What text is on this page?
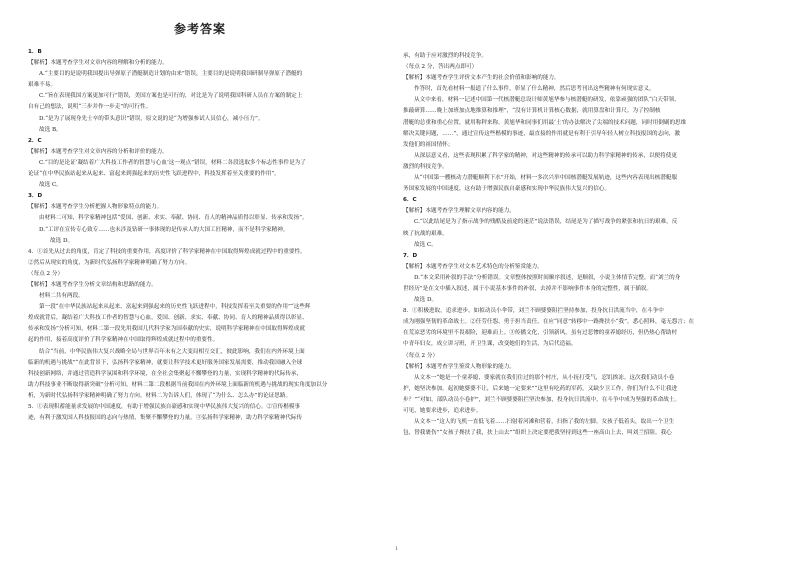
参考答案
1．B
【解析】本题考查学生对文章内容的理解和分析的能力。
A.“主要目的是说明我国提出导弹原子潜艇制造计划的由来”错误，主要目的是说明我国研制导弹原子潜艇的
艰难不易。
C.“旨在表现我国方案更加可行”错误，美国方案也是可行的，对比是为了说明我国科研人员在方案的制定上
自有己的想法，说明“三步并作一步走”的可行性。
D.“是为了展现身先士卒的带头意识”错误，原文说的是“为增强参试人员信心，减小压力”。
故选 B。
2．C
【解析】本题考查学生对文章内容的分析和评价的能力。
C.“目的是论证‘凝结着广大科技工作者的智慧与心血’这一观点”错误，材料二各段选取多个标志性事件是为了
论证“在中华民族站起来从起来、富起来到强起来的历史性飞跃进程中，科技发挥着至关重要的作用”。
故选 C。
3．D
【解析】本题考查学生分析把握人物形象特点的能力。
由材料二可知，科学家精神包括“爱国、创新、求实、奉献、协同、育人的精神品质得以彰显、传承和发扬”。
D.“工评在宣传专心致专……也未涉及钻研一事体现的是传承人的大国工匠精神，而不是科学家精神。
故选 D。
4．①首先从过去的角度，肯定了科技的重要作用，高度评价了科学家精神在中国取得辉煌成就过程中的重要性。
②然后从现实的角度，为新时代弘扬科学家精神明确了努力方向。
（每点 2 分）
【解析】本题考查学生分析文章结构和思路的能力。
材料二共有两段。
第一段“在中华民族站起来从起来、富起来到强起来的历史性飞跃进程中，科技发挥着至关重要的作用”“这些辉
煌成就背后，凝结着广大科技工作者的智慧与心血，爱国、创新、求实、奉献、协同、育人的精神品质得以彰显、
传承和发扬”分析可知，材料二第一段先用我国几代科学家为国奉献的史实，说明科学家精神在中国取得辉煌成就
起的作用，接着高度评价了科学家精神在中国取得辉煌成就过程中的重要性。
结合“当前，中华民族伟大复兴战略全局与世界百年未有之大变局相互交汇，彼此影响，我们在内外环境上面
临新的机遇与挑战”“在此背景下，弘扬科学家精神，就要让科学技术更好服务国家发展需要，推动我国融入全球
科技创新网络，并通过营造科学氛围和科学环境，在全社会集聚起不懈攀登的力量，实现科学精神的代际传承，
助力科技事业不断取得新突破”分析可知，材料二第二段根据当前我国在内外环境上面临新的机遇与挑战的现实角度加以分
析，为新时代弘扬科学家精神明确了努力方向。材料二为告诉人们，体现了“为什么、怎么办”的论证思路。
5．①表现积蓄能量求发展的中国速度，有助于增强民族自豪感和实现中华民族伟大复兴的信心。②宣传楷模事
迹，有利于激发国人科技报国的志向与热情，集聚不懈攀登的力量。③弘扬科学家精神，助力科学家精神代际传
承，有助于应对激烈的科技竞争。
（每点 2 分，答出两点即可）
【解析】本题考查学生评价文本产生的社会价值和影响的能力。
作答时，首先看材料一报道了什么事件，彰显了什么精神，然后思考刊出这些精神有何现实意义。
从文中来看，材料一记述中国第一代核潜艇总设计师黄旭华参与核潜艇的研发，依靠顽强的团队“白天带领、
推敲研算……晚上加班加点地推算和推理”，“没有计算机计算核心数据，就用算盘和计算尺。为了控制核
潜艇的总重和重心位置，就用称秤来称。黄旭华和同事们用最‘土’的办法解决了尖端的技术问题，同时用倒刷的思维
解决关键问题，……”，通过宣传这些楷模的事迹，最直接的作用就是有利于引导年轻人树立科技报国的志向，激
发他们的祖国情怀；
从深层意义看，这些表现积累了科学家的精神，对这些精神的传承可以助力科学家精神的传承，以便将使更
激烈的科技竞争。
从“中国第一艘核动力潜艇顺利下水”开始，材料一多次兴举中国核潜艇发展轨迹，这些内容表现出核潜艇服
务国家发展的中国速度，这有助于增强民族自豪感和实现中华民族伟大复兴的信心。
6．C
【解析】本题考查学生理解文章内容的能力。
C.“以此结尾是为了指示战争的残酷及前途的迷茫”说法错误，结尾是为了描写战争的紧张和抗日的艰难，反
映了抗战的艰难。
故选 C。
7．D
【解析】本题考查学生对文本艺术特色的分析鉴赏能力。
D.“本文采用补叙的手法”分析错误。文章整体按照时间顺序叙述，是顺叙，小说主体情节完整，而“刘兰的身
世经历”是在文中插入叙述，属于小说基本事件的补叙，去掉并不影响事件本身的完整性，属于插叙。
故选 D。
8．①积极进取，追求进步。如拟动员小伞带，刘兰不顾婆婆阻拦坚持参加，投身抗日洪流当中，在斗争中
成为刚强坚韧的革命战士。②任劳任怨，勇于担当责任。在应“同意”转移中一路搀扶小“我”，悉心照料，毫无怨言；在
在荒凉恶劣的环境里不畏艰险，迎难而上。③传播文化，引领新风。虽有过悲惨的童养媳经历，但仍热心帮助村
中青年妇女，成立讲习班，开卫生课，改变她们的生活，为后代造福。
（每点 2 分）
【解析】本题考查学生鉴赏人物形象的能力。
从文本一“她是一个童养媳，婆家就在我们住过的那个村庄，从小抚打受气，忍饥挨冻。这次我们动员小卷
护，她坚决参加。起初她婆婆不让，后来她一定要来”“这里有吃药的军药，又缺少卫工作，你们为什么不让我进
步？”“对如，部队动员小卷护”，刘兰不顾婆婆阻拦坚决参加，投身抗日洪流中，在斗争中成为坚强的革命战士。
可见，她要求进步，追求进步。
从文本一“这人的飞机一直低飞着……扫射着河滩和营着，扫指了我的左脚。女孩子低着头，取出一个卫生
包，替我裹伤”“女孩子搀扶了我，扶上山去”“组织上决定要把我坚持到这些一座高山上去，叫刘兰招阻。我心
1
